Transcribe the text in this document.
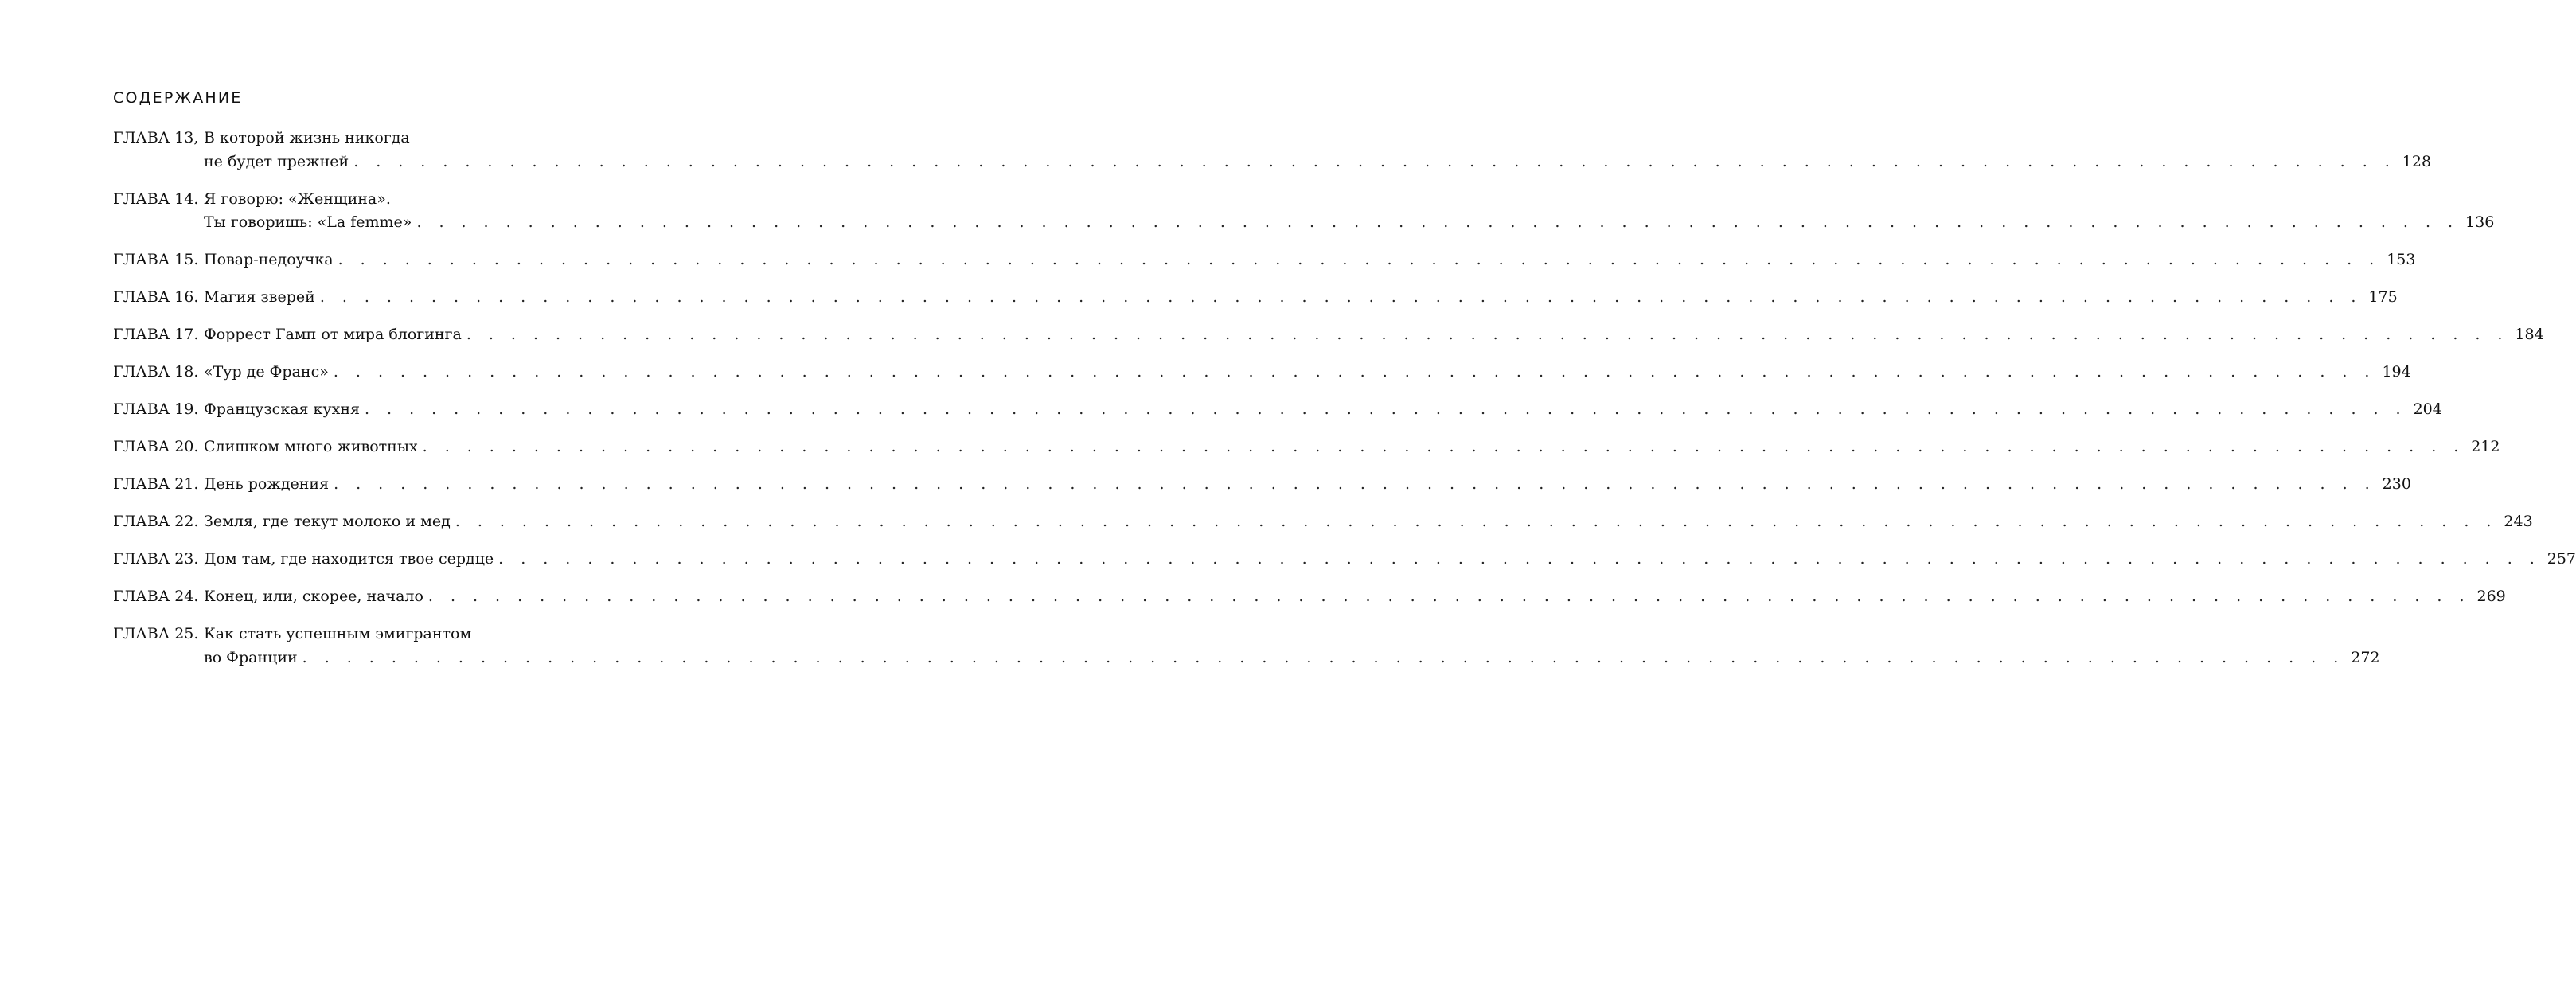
СОДЕРЖАНИЕ
ГЛАВА 13, В которой жизнь никогда
не будет прежней . . . . . . . . . . . . . . . . . . . . . . . . . . . . . . . . . . . . . . . . . . . . . . . . . . . . . . . . . . . . . . . . . . . . . . . . . . . . . . . . . . . . . . . . . . . . 128
ГЛАВА 14. Я говорю: «Женщина».
Ты говоришь: «La femme» . . . . . . . . . . . . . . . . . . . . . . . . . . . . . . . . . . . . . . . . . . . . . . . . . . . . . . . . . . . . . . . . . . . . . . . . . . . . . . . . . . . . . . . . . . . . 136
ГЛАВА 15. Повар-недоучка . . . . . . . . . . . . . . . . . . . . . . . . . . . . . . . . . . . . . . . . . . . . . . . . . . . . . . . . . . . . . . . . . . . . . . . . . . . . . . . . . . . . . . . . . . . . 153
ГЛАВА 16. Магия зверей . . . . . . . . . . . . . . . . . . . . . . . . . . . . . . . . . . . . . . . . . . . . . . . . . . . . . . . . . . . . . . . . . . . . . . . . . . . . . . . . . . . . . . . . . . . . 175
ГЛАВА 17. Форрест Гамп от мира блогинга . . . . . . . . . . . . . . . . . . . . . . . . . . . . . . . . . . . . . . . . . . . . . . . . . . . . . . . . . . . . . . . . . . . . . . . . . . . . . . . . . . . . . . . . . . . . 184
ГЛАВА 18. «Тур де Франс» . . . . . . . . . . . . . . . . . . . . . . . . . . . . . . . . . . . . . . . . . . . . . . . . . . . . . . . . . . . . . . . . . . . . . . . . . . . . . . . . . . . . . . . . . . . . 194
ГЛАВА 19. Французская кухня . . . . . . . . . . . . . . . . . . . . . . . . . . . . . . . . . . . . . . . . . . . . . . . . . . . . . . . . . . . . . . . . . . . . . . . . . . . . . . . . . . . . . . . . . . . . 204
ГЛАВА 20. Слишком много животных . . . . . . . . . . . . . . . . . . . . . . . . . . . . . . . . . . . . . . . . . . . . . . . . . . . . . . . . . . . . . . . . . . . . . . . . . . . . . . . . . . . . . . . . . . . . 212
ГЛАВА 21. День рождения . . . . . . . . . . . . . . . . . . . . . . . . . . . . . . . . . . . . . . . . . . . . . . . . . . . . . . . . . . . . . . . . . . . . . . . . . . . . . . . . . . . . . . . . . . . . 230
ГЛАВА 22. Земля, где текут молоко и мед . . . . . . . . . . . . . . . . . . . . . . . . . . . . . . . . . . . . . . . . . . . . . . . . . . . . . . . . . . . . . . . . . . . . . . . . . . . . . . . . . . . . . . . . . . . . 243
ГЛАВА 23. Дом там, где находится твое сердце . . . . . . . . . . . . . . . . . . . . . . . . . . . . . . . . . . . . . . . . . . . . . . . . . . . . . . . . . . . . . . . . . . . . . . . . . . . . . . . . . . . . . . . . . . . . 257
ГЛАВА 24. Конец, или, скорее, начало . . . . . . . . . . . . . . . . . . . . . . . . . . . . . . . . . . . . . . . . . . . . . . . . . . . . . . . . . . . . . . . . . . . . . . . . . . . . . . . . . . . . . . . . . . . . 269
ГЛАВА 25. Как стать успешным эмигрантом
во Франции . . . . . . . . . . . . . . . . . . . . . . . . . . . . . . . . . . . . . . . . . . . . . . . . . . . . . . . . . . . . . . . . . . . . . . . . . . . . . . . . . . . . . . . . . . . . 272
